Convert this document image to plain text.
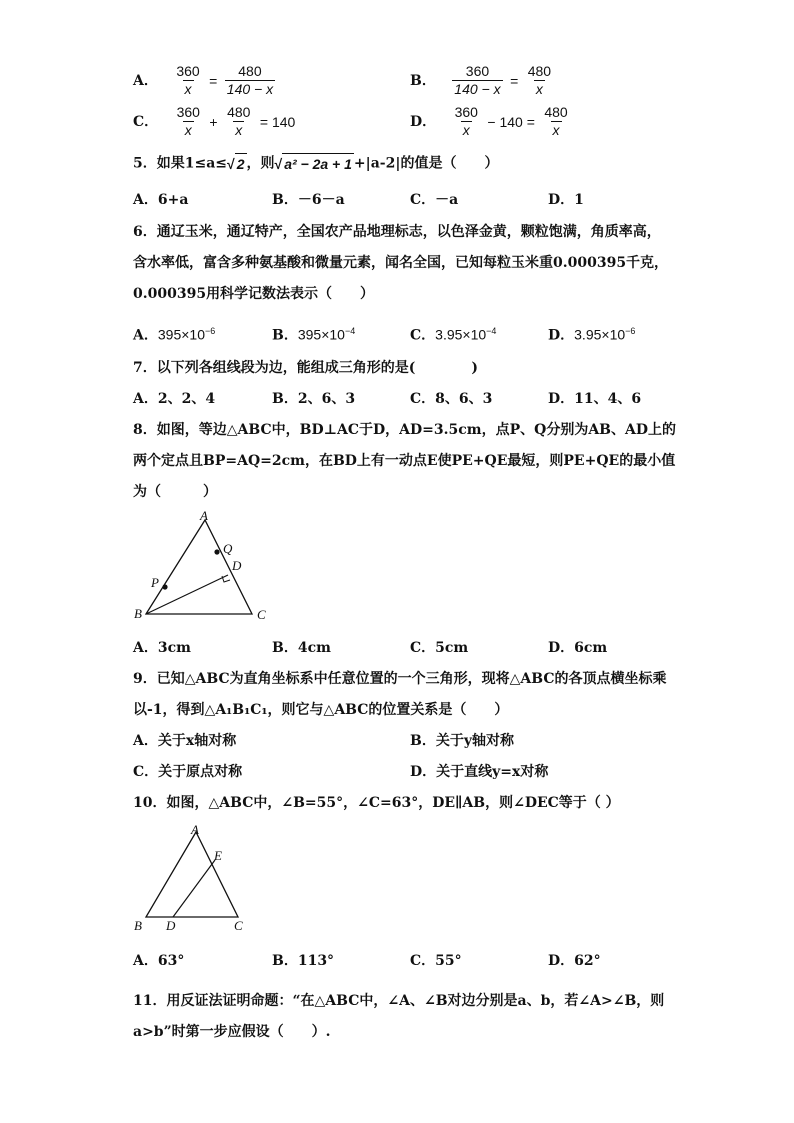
A． $\frac{360}{x} = \frac{480}{140 - x}$	B． $\frac{360}{140 - x} = \frac{480}{x}$
C． $\frac{360}{x} + \frac{480}{x} = 140$	D． $\frac{360}{x} - 140 = \frac{480}{x}$
5．如果1≤a≤√ 2 ，则√ a² − 2a + 1 +|a-2|的值是（　　）
A．6+a	B．－6－a	C．－a	D．1
6．通辽玉米，通辽特产，全国农产品地理标志，以色泽金黄，颗粒饱满，角质率高，
含水率低，富含多种氨基酸和微量元素，闻名全国，已知每粒玉米重0.000395千克，
0.000395用科学记数法表示（　　）
A．$395\times 10^{-6}$	B．$395\times 10^{-4}$	C．$3.95\times 10^{-4}$	D．$3.95\times 10^{-6}$
7．以下列各组线段为边，能组成三角形的是(　　　　)
A．2、2、4	B．2、6、3	C．8、6、3	D．11、4、6
8．如图，等边△ABC中，BD⊥AC于D，AD=3.5cm，点P、Q分别为AB、AD上的
两个定点且BP=AQ=2cm，在BD上有一动点E使PE+QE最短，则PE+QE的最小值
为（　　　）
A
B	C
D
P
Q
A．3cm	B．4cm	C．5cm	D．6cm
9．已知△ABC为直角坐标系中任意位置的一个三角形，现将△ABC的各顶点横坐标乘
以-1，得到△A₁B₁C₁，则它与△ABC的位置关系是（　　）
A．关于x轴对称	B．关于y轴对称
C．关于原点对称	D．关于直线y=x对称
10．如图，△ABC中，∠B=55°，∠C=63°，DE∥AB，则∠DEC等于（ ）
A
B	C
D
E
A．63°	B．113°	C．55°	D．62°
11．用反证法证明命题：“在△ABC中，∠A、∠B对边分别是a、b，若∠A>∠B，则
a>b”时第一步应假设（　　）.
